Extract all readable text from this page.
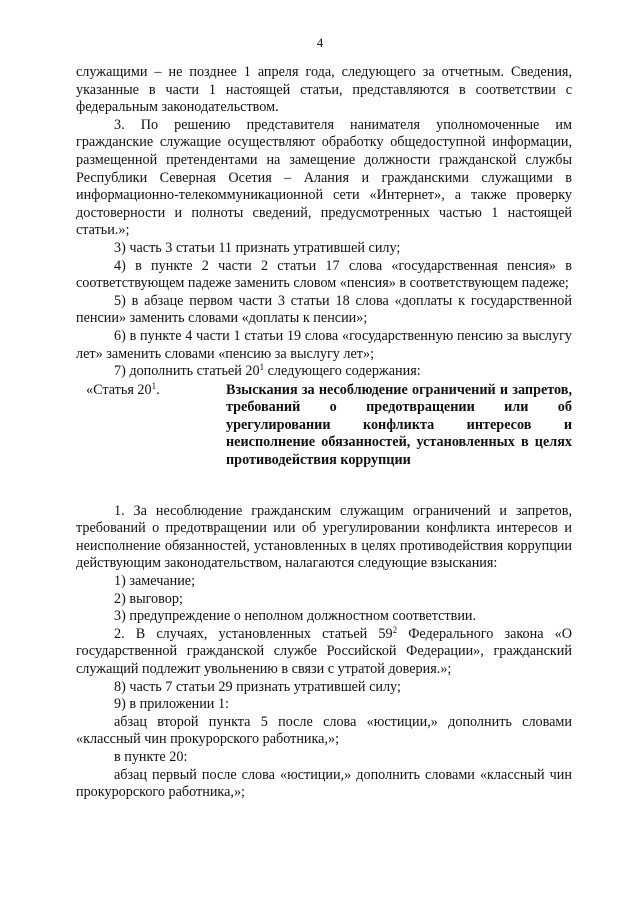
4

служащими – не позднее 1 апреля года, следующего за отчетным. Сведения, указанные в части 1 настоящей статьи, представляются в соответствии с федеральным законодательством.

3. По решению представителя нанимателя уполномоченные им гражданские служащие осуществляют обработку общедоступной информации, размещенной претендентами на замещение должности гражданской службы Республики Северная Осетия – Алания и гражданскими служащими в информационно-телекоммуникационной сети «Интернет», а также проверку достоверности и полноты сведений, предусмотренных частью 1 настоящей статьи.»;

3) часть 3 статьи 11 признать утратившей силу;

4) в пункте 2 части 2 статьи 17 слова «государственная пенсия» в соответствующем падеже заменить словом «пенсия» в соответствующем падеже;

5) в абзаце первом части 3 статьи 18 слова «доплаты к государственной пенсии» заменить словами «доплаты к пенсии»;

6) в пункте 4 части 1 статьи 19 слова «государственную пенсию за выслугу лет» заменить словами «пенсию за выслугу лет»;

7) дополнить статьей $20^1$ следующего содержания:

«Статья $20^1$.	Взыскания за несоблюдение ограничений и запретов, требований о предотвращении или об урегулировании конфликта интересов и неисполнение обязанностей, установленных в целях противодействия коррупции

1. За несоблюдение гражданским служащим ограничений и запретов, требований о предотвращении или об урегулировании конфликта интересов и неисполнение обязанностей, установленных в целях противодействия коррупции действующим законодательством, налагаются следующие взыскания:

1) замечание;

2) выговор;

3) предупреждение о неполном должностном соответствии.

2. В случаях, установленных статьей $59^2$ Федерального закона «О государственной гражданской службе Российской Федерации», гражданский служащий подлежит увольнению в связи с утратой доверия.»;

8) часть 7 статьи 29 признать утратившей силу;

9) в приложении 1:

абзац второй пункта 5 после слова «юстиции,» дополнить словами «классный чин прокурорского работника,»;

в пункте 20:

абзац первый после слова «юстиции,» дополнить словами «классный чин прокурорского работника,»;
